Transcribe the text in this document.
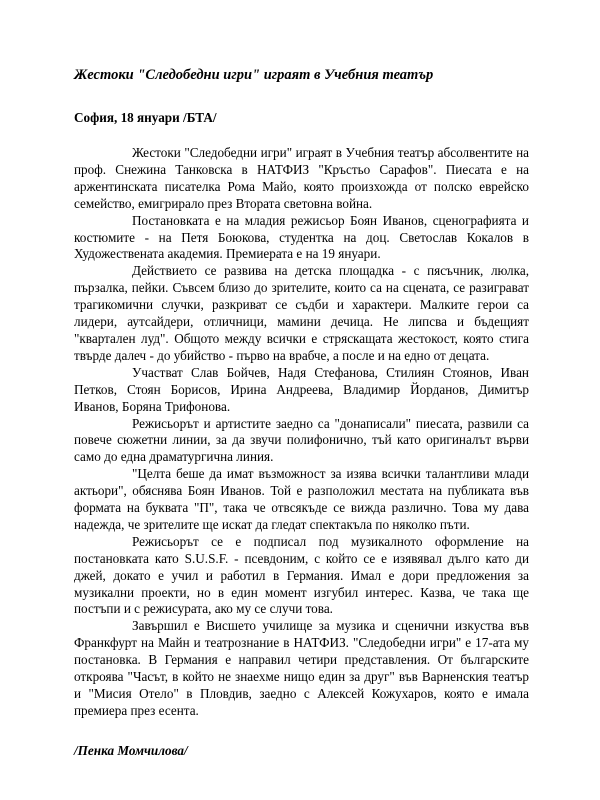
Жестоки "Следобедни игри" играят в Учебния театър

София, 18 януари /БТА/

Жестоки "Следобедни игри" играят в Учебния театър абсолвентите на проф. Снежина Танковска в НАТФИЗ "Кръстьо Сарафов". Пиесата е на аржентинската писателка Рома Майо, която произхожда от полско еврейско семейство, емигрирало през Втората световна война.

Постановката е на младия режисьор Боян Иванов, сценографията и костюмите - на Петя Боюкова, студентка на доц. Светослав Кокалов в Художествената академия. Премиерата е на 19 януари.

Действието се развива на детска площадка - с пясъчник, люлка, пързалка, пейки. Съвсем близо до зрителите, които са на сцената, се разиграват трагикомични случки, разкриват се съдби и характери. Малките герои са лидери, аутсайдери, отличници, мамини дечица. Не липсва и бъдещият "квартален луд". Общото между всички е стряскащата жестокост, която стига твърде далеч - до убийство - първо на врабче, а после и на едно от децата.

Участват Слав Бойчев, Надя Стефанова, Стилиян Стоянов, Иван Петков, Стоян Борисов, Ирина Андреева, Владимир Йорданов, Димитър Иванов, Боряна Трифонова.

Режисьорът и артистите заедно са "донаписали" пиесата, развили са повече сюжетни линии, за да звучи полифонично, тъй като оригиналът върви само до една драматургична линия.

"Целта беше да имат възможност за изява всички талантливи млади актьори", обяснява Боян Иванов. Той е разположил местата на публиката във формата на буквата "П", така че отвсякъде се вижда различно. Това му дава надежда, че зрителите ще искат да гледат спектакъла по няколко пъти.

Режисьорът се е подписал под музикалното оформление на постановката като S.U.S.F. - псевдоним, с който се е изявявал дълго като ди джей, докато е учил и работил в Германия. Имал е дори предложения за музикални проекти, но в един момент изгубил интерес. Казва, че така ще постъпи и с режисурата, ако му се случи това.

Завършил е Висшето училище за музика и сценични изкуства във Франкфурт на Майн и театрознание в НАТФИЗ. "Следобедни игри" е 17-ата му постановка. В Германия е направил четири представления. От българските откроява "Часът, в който не знаехме нищо един за друг" във Варненския театър и "Мисия Отело" в Пловдив, заедно с Алексей Кожухаров, която е имала премиера през есента.

/Пенка Момчилова/
